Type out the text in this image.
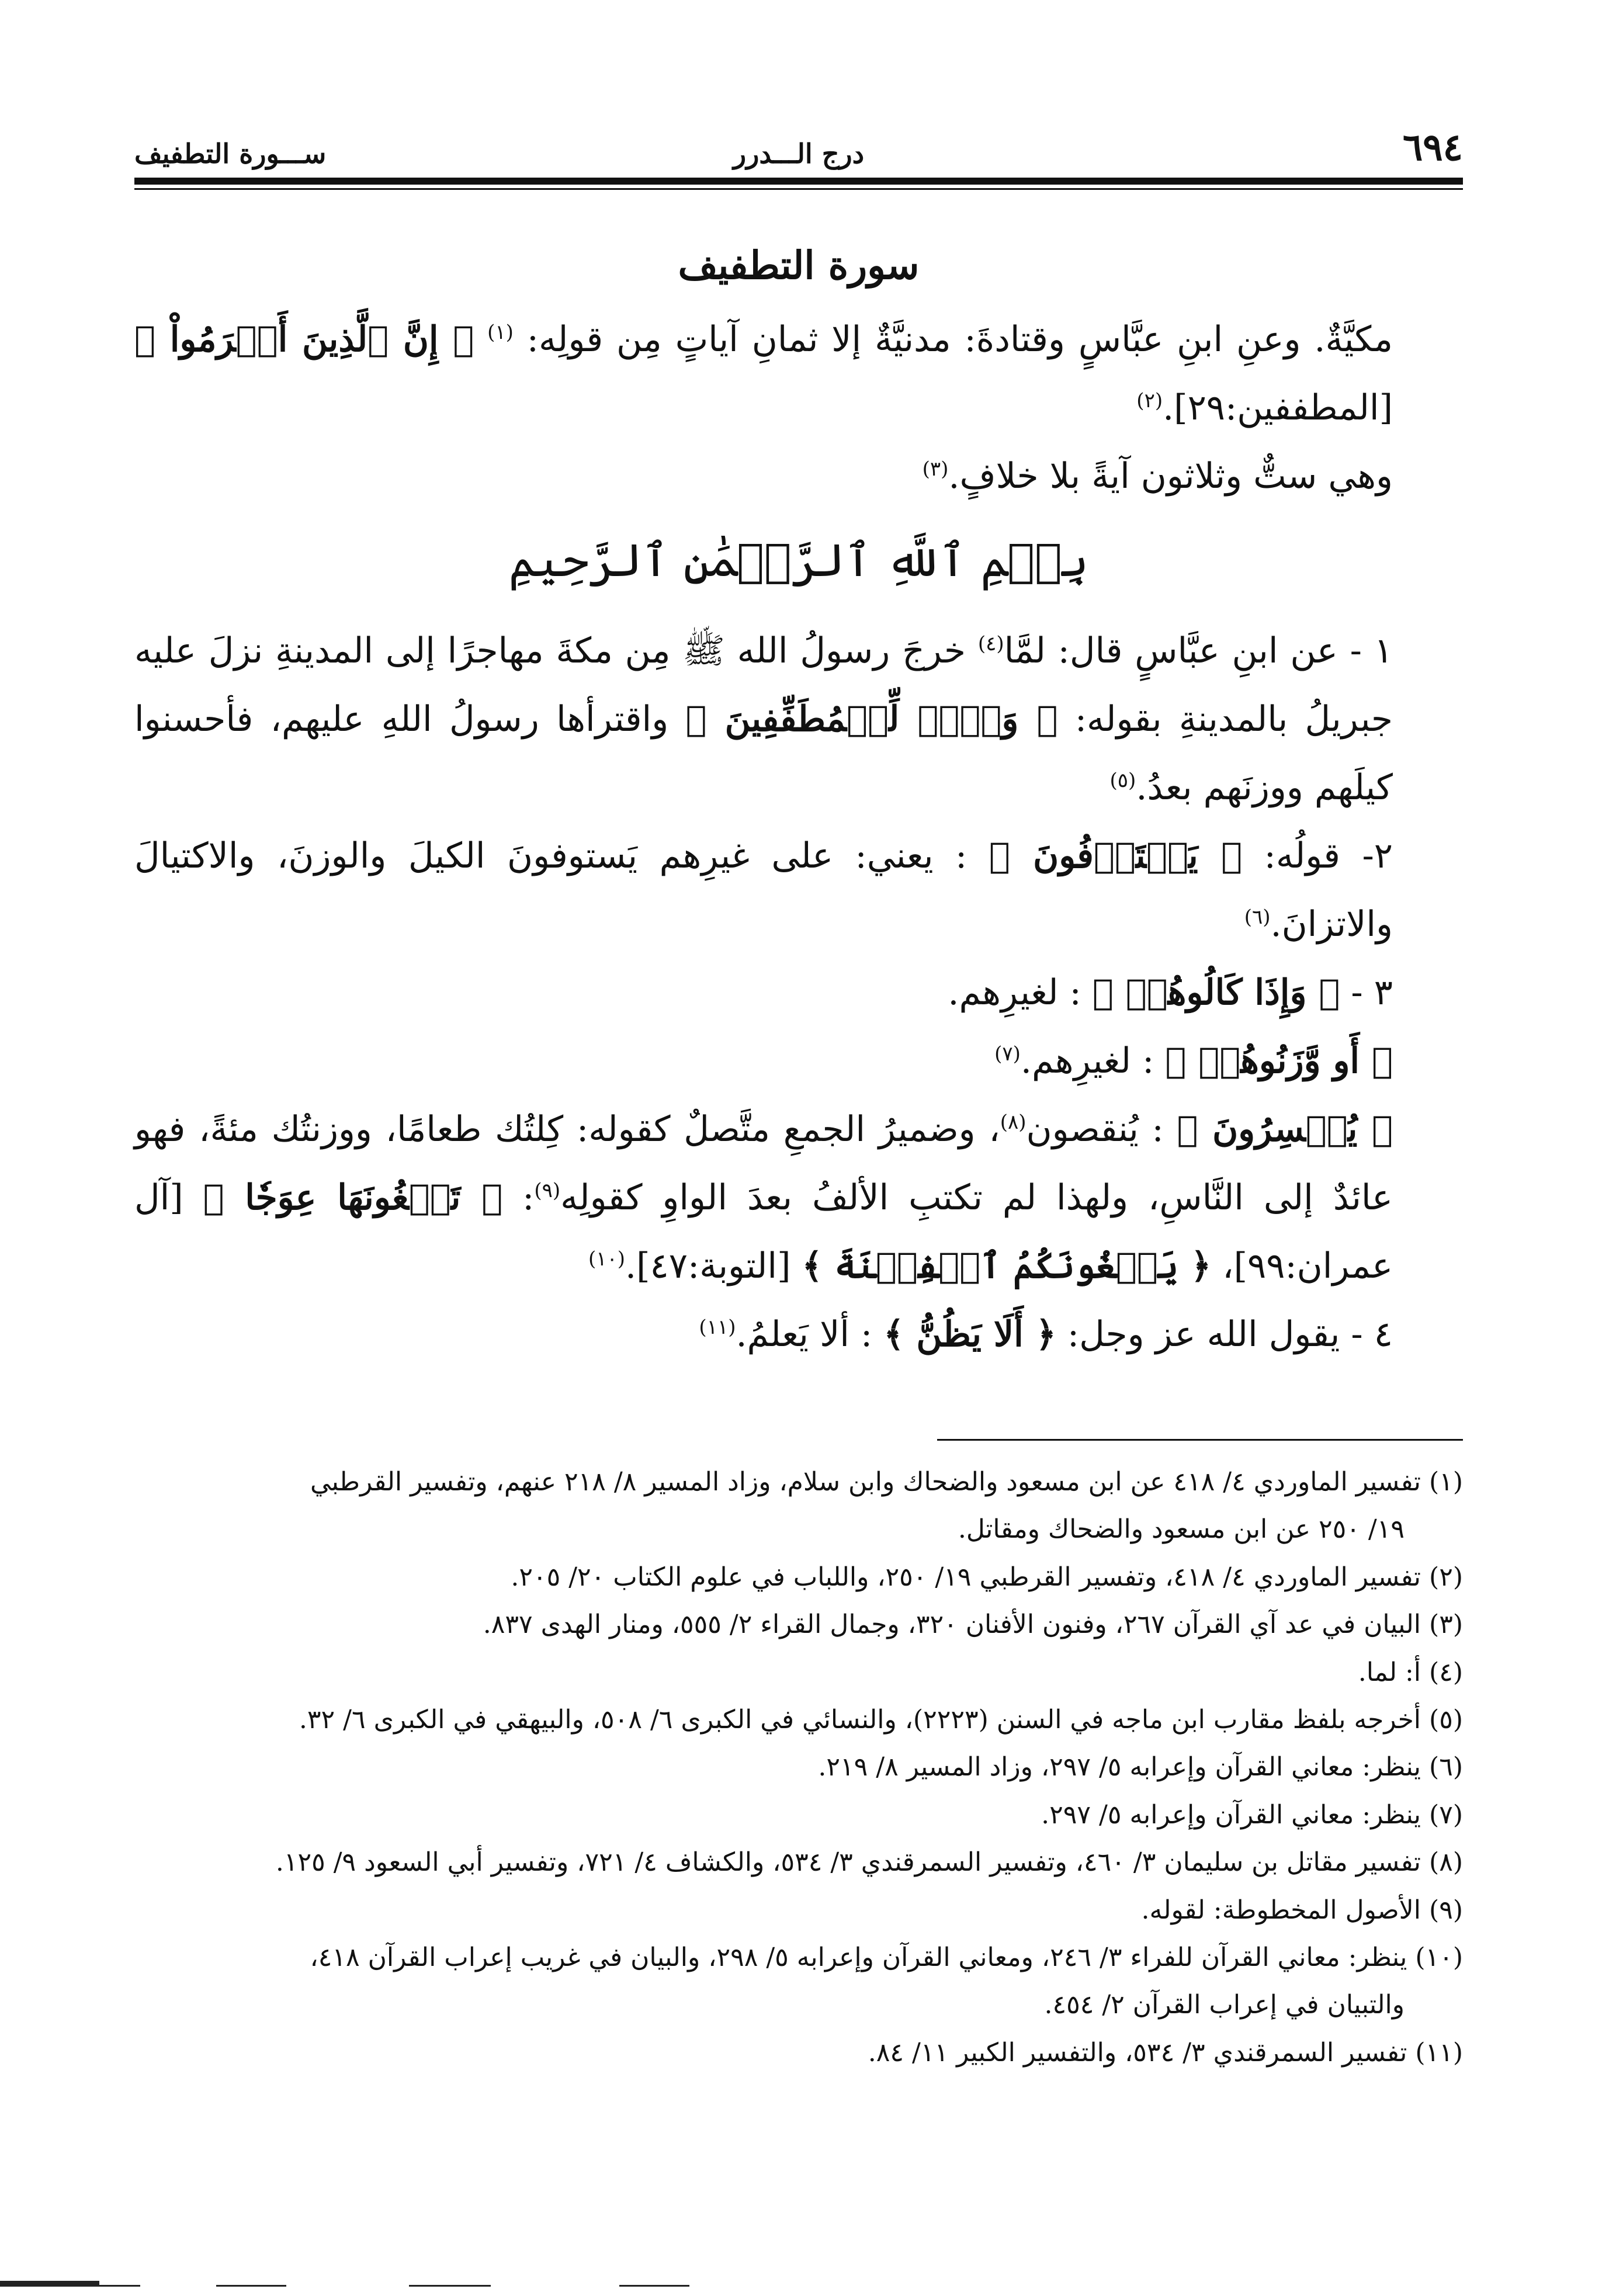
٦٩٤
درج الـــدرر
ســـورة التطفيف
سورة التطفيف

مكيَّةٌ. وعنِ ابنِ عبَّاسٍ وقتادةَ: مدنيَّةٌ إلا ثمانِ آياتٍ مِن قولِه: $^{(١)}$ ﴿ إِنَّ ٱلَّذِينَ أَجۡرَمُواْ ﴾ [المطففين:٢٩].$^{(٢)}$

وهي ستٌّ وثلاثون آيةً بلا خلافٍ.$^{(٣)}$

بِسۡمِ ٱللَّهِ ٱلرَّحۡمَٰنِ ٱلرَّحِيمِ

١ - عن ابنِ عبَّاسٍ قال: لمَّا$^{(٤)}$ خرجَ رسولُ الله ﷺ مِن مكةَ مهاجرًا إلى المدينةِ نزلَ عليه جبريلُ بالمدينةِ بقوله: ﴿ وَيۡلٞ لِّلۡمُطَفِّفِينَ ﴾ واقترأها رسولُ اللهِ عليهم، فأحسنوا كيلَهم ووزنَهم بعدُ.$^{(٥)}$

٢- قولُه: ﴿ يَسۡتَوۡفُونَ ﴾ : يعني: على غيرِهم يَستوفونَ الكيلَ والوزنَ، والاكتيالَ والاتزانَ.$^{(٦)}$

٣ - ﴿ وَإِذَا كَالُوهُمۡ ﴾ : لغيرِهم.

﴿ أَو وَّزَنُوهُمۡ ﴾ : لغيرِهم.$^{(٧)}$

﴿ يُخۡسِرُونَ ﴾ : يُنقصون$^{(٨)}$، وضميرُ الجمعِ متَّصلٌ كقوله: كِلتُك طعامًا، ووزنتُك مئةً، فهو عائدٌ إلى النَّاسِ، ولهذا لم تكتبِ الألفُ بعدَ الواوِ كقولِه$^{(٩)}$: ﴿ تَبۡغُونَهَا عِوَجٗا ﴾ [آل عمران:٩٩]، ﴿ يَبۡغُونَكُمُ ٱلۡفِتۡنَةَ ﴾ [التوبة:٤٧].$^{(١٠)}$

٤ - يقول الله عز وجل: ﴿ أَلَا يَظُنُّ ﴾ : ألا يَعلمُ.$^{(١١)}$

(١) تفسير الماوردي ٤/ ٤١٨ عن ابن مسعود والضحاك وابن سلام، وزاد المسير ٨/ ٢١٨ عنهم، وتفسير القرطبي
١٩/ ٢٥٠ عن ابن مسعود والضحاك ومقاتل.

(٢) تفسير الماوردي ٤/ ٤١٨، وتفسير القرطبي ١٩/ ٢٥٠، واللباب في علوم الكتاب ٢٠/ ٢٠٥.

(٣) البيان في عد آي القرآن ٢٦٧، وفنون الأفنان ٣٢٠، وجمال القراء ٢/ ٥٥٥، ومنار الهدى ٨٣٧.

(٤) أ: لما.

(٥) أخرجه بلفظ مقارب ابن ماجه في السنن (٢٢٢٣)، والنسائي في الكبرى ٦/ ٥٠٨، والبيهقي في الكبرى ٦/ ٣٢.

(٦) ينظر: معاني القرآن وإعرابه ٥/ ٢٩٧، وزاد المسير ٨/ ٢١٩.

(٧) ينظر: معاني القرآن وإعرابه ٥/ ٢٩٧.

(٨) تفسير مقاتل بن سليمان ٣/ ٤٦٠، وتفسير السمرقندي ٣/ ٥٣٤، والكشاف ٤/ ٧٢١، وتفسير أبي السعود ٩/ ١٢٥.

(٩) الأصول المخطوطة: لقوله.

(١٠) ينظر: معاني القرآن للفراء ٣/ ٢٤٦، ومعاني القرآن وإعرابه ٥/ ٢٩٨، والبيان في غريب إعراب القرآن ٤١٨،
والتبيان في إعراب القرآن ٢/ ٤٥٤.

(١١) تفسير السمرقندي ٣/ ٥٣٤، والتفسير الكبير ١١/ ٨٤.
